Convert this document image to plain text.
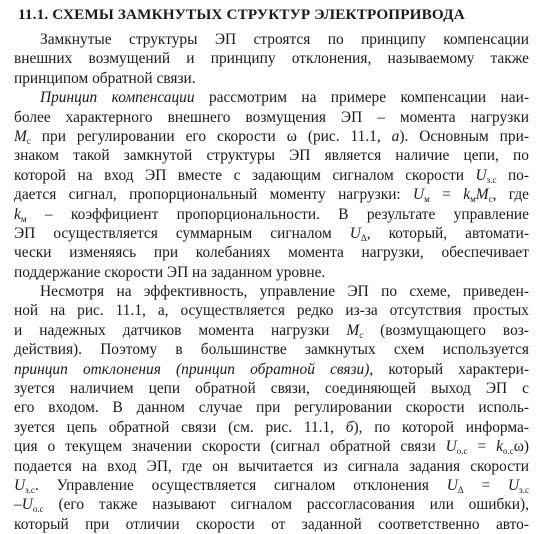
11.1. СХЕМЫ ЗАМКНУТЫХ СТРУКТУР ЭЛЕКТРОПРИВОДА
Замкнутые структуры ЭП строятся по принципу компенсации
внешних возмущений и принципу отклонения, называемому также
принципом обратной связи.
Принцип компенсации рассмотрим на примере компенсации наи-
более характерного внешнего возмущения ЭП – момента нагрузки
$M_с$ при регулировании его скорости ω (рис. 11.1, а). Основным при-
знаком такой замкнутой структуры ЭП является наличие цепи, по
которой на вход ЭП вместе с задающим сигналом скорости $U_{з.с}$ по-
дается сигнал, пропорциональный моменту нагрузки: $U_м = k_мM_с$, где
$k_м$ – коэффициент пропорциональности. В результате управление
ЭП осуществляется суммарным сигналом $U_\Delta$, который, автомати-
чески изменяясь при колебаниях момента нагрузки, обеспечивает
поддержание скорости ЭП на заданном уровне.
Несмотря на эффективность, управление ЭП по схеме, приведен-
ной на рис. 11.1, а, осуществляется редко из-за отсутствия простых
и надежных датчиков момента нагрузки $M_с$ (возмущающего воз-
действия). Поэтому в большинстве замкнутых схем используется
принцип отклонения (принцип обратной связи), который характери-
зуется наличием цепи обратной связи, соединяющей выход ЭП с
его входом. В данном случае при регулировании скорости исполь-
зуется цепь обратной связи (см. рис. 11.1, б), по которой информа-
ция о текущем значении скорости (сигнал обратной связи $U_{о.с} = k_{о.с}\omega$)
подается на вход ЭП, где он вычитается из сигнала задания скорости
$U_{з.с}$. Управление осуществляется сигналом отклонения $U_\Delta = U_{з.с}$
$-U_{о.с}$ (его также называют сигналом рассогласования или ошибки),
который при отличии скорости от заданной соответственно авто-
